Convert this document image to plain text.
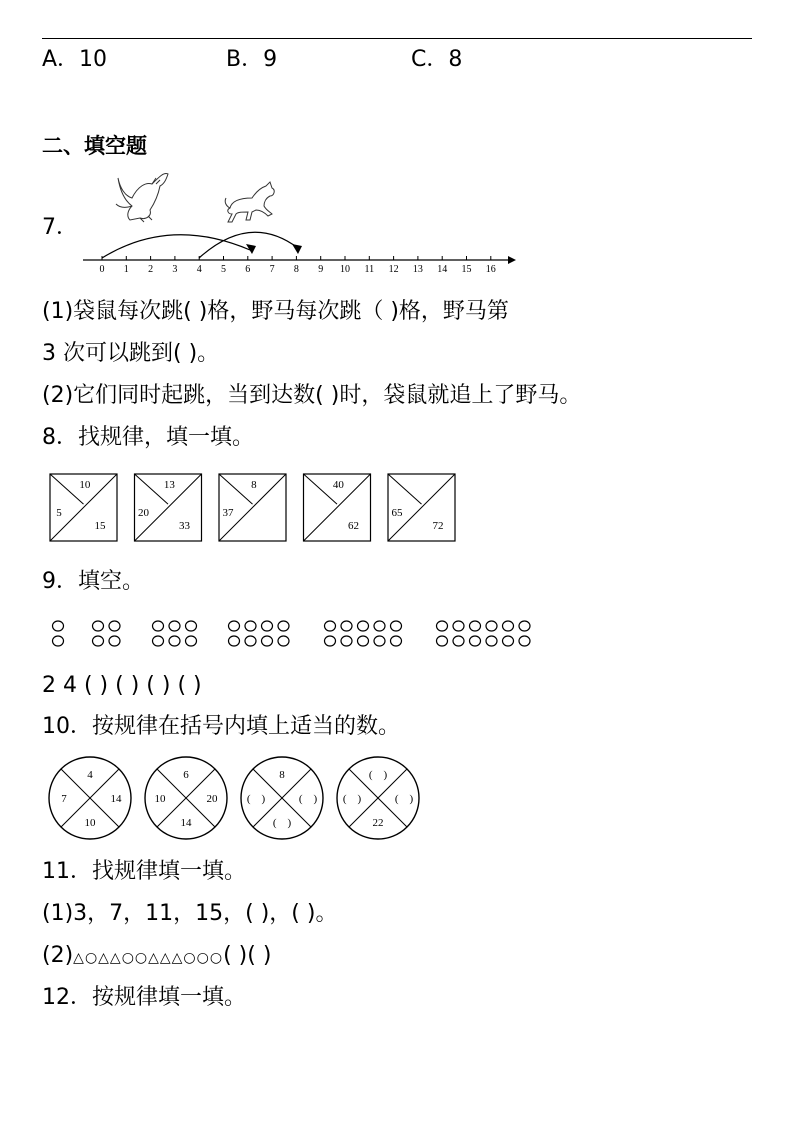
A．10	B．9	C．8
二、填空题
7．
0 1 2 3 4 5 6 7 8 9 10 11 12 13 14 15 16
(1)袋鼠每次跳( )格，野马每次跳（ )格，野马第
3 次可以跳到( )。
(2)它们同时起跳，当到达数( )时，袋鼠就追上了野马。
8．找规律，填一填。
10
5
15
13
20
33
8
37
40
62
65
72
9．填空。
2 4 ( ) ( ) ( ) ( )
10．按规律在括号内填上适当的数。
4
7	14
10
6
10	20
14
8
(　)	(　)
(　)
(　)
(　)	(　)
22
11．找规律填一填。
(1)3，7，11，15，( )，( )。
(2)△○△△○○△△△○○○( )( )
12．按规律填一填。
